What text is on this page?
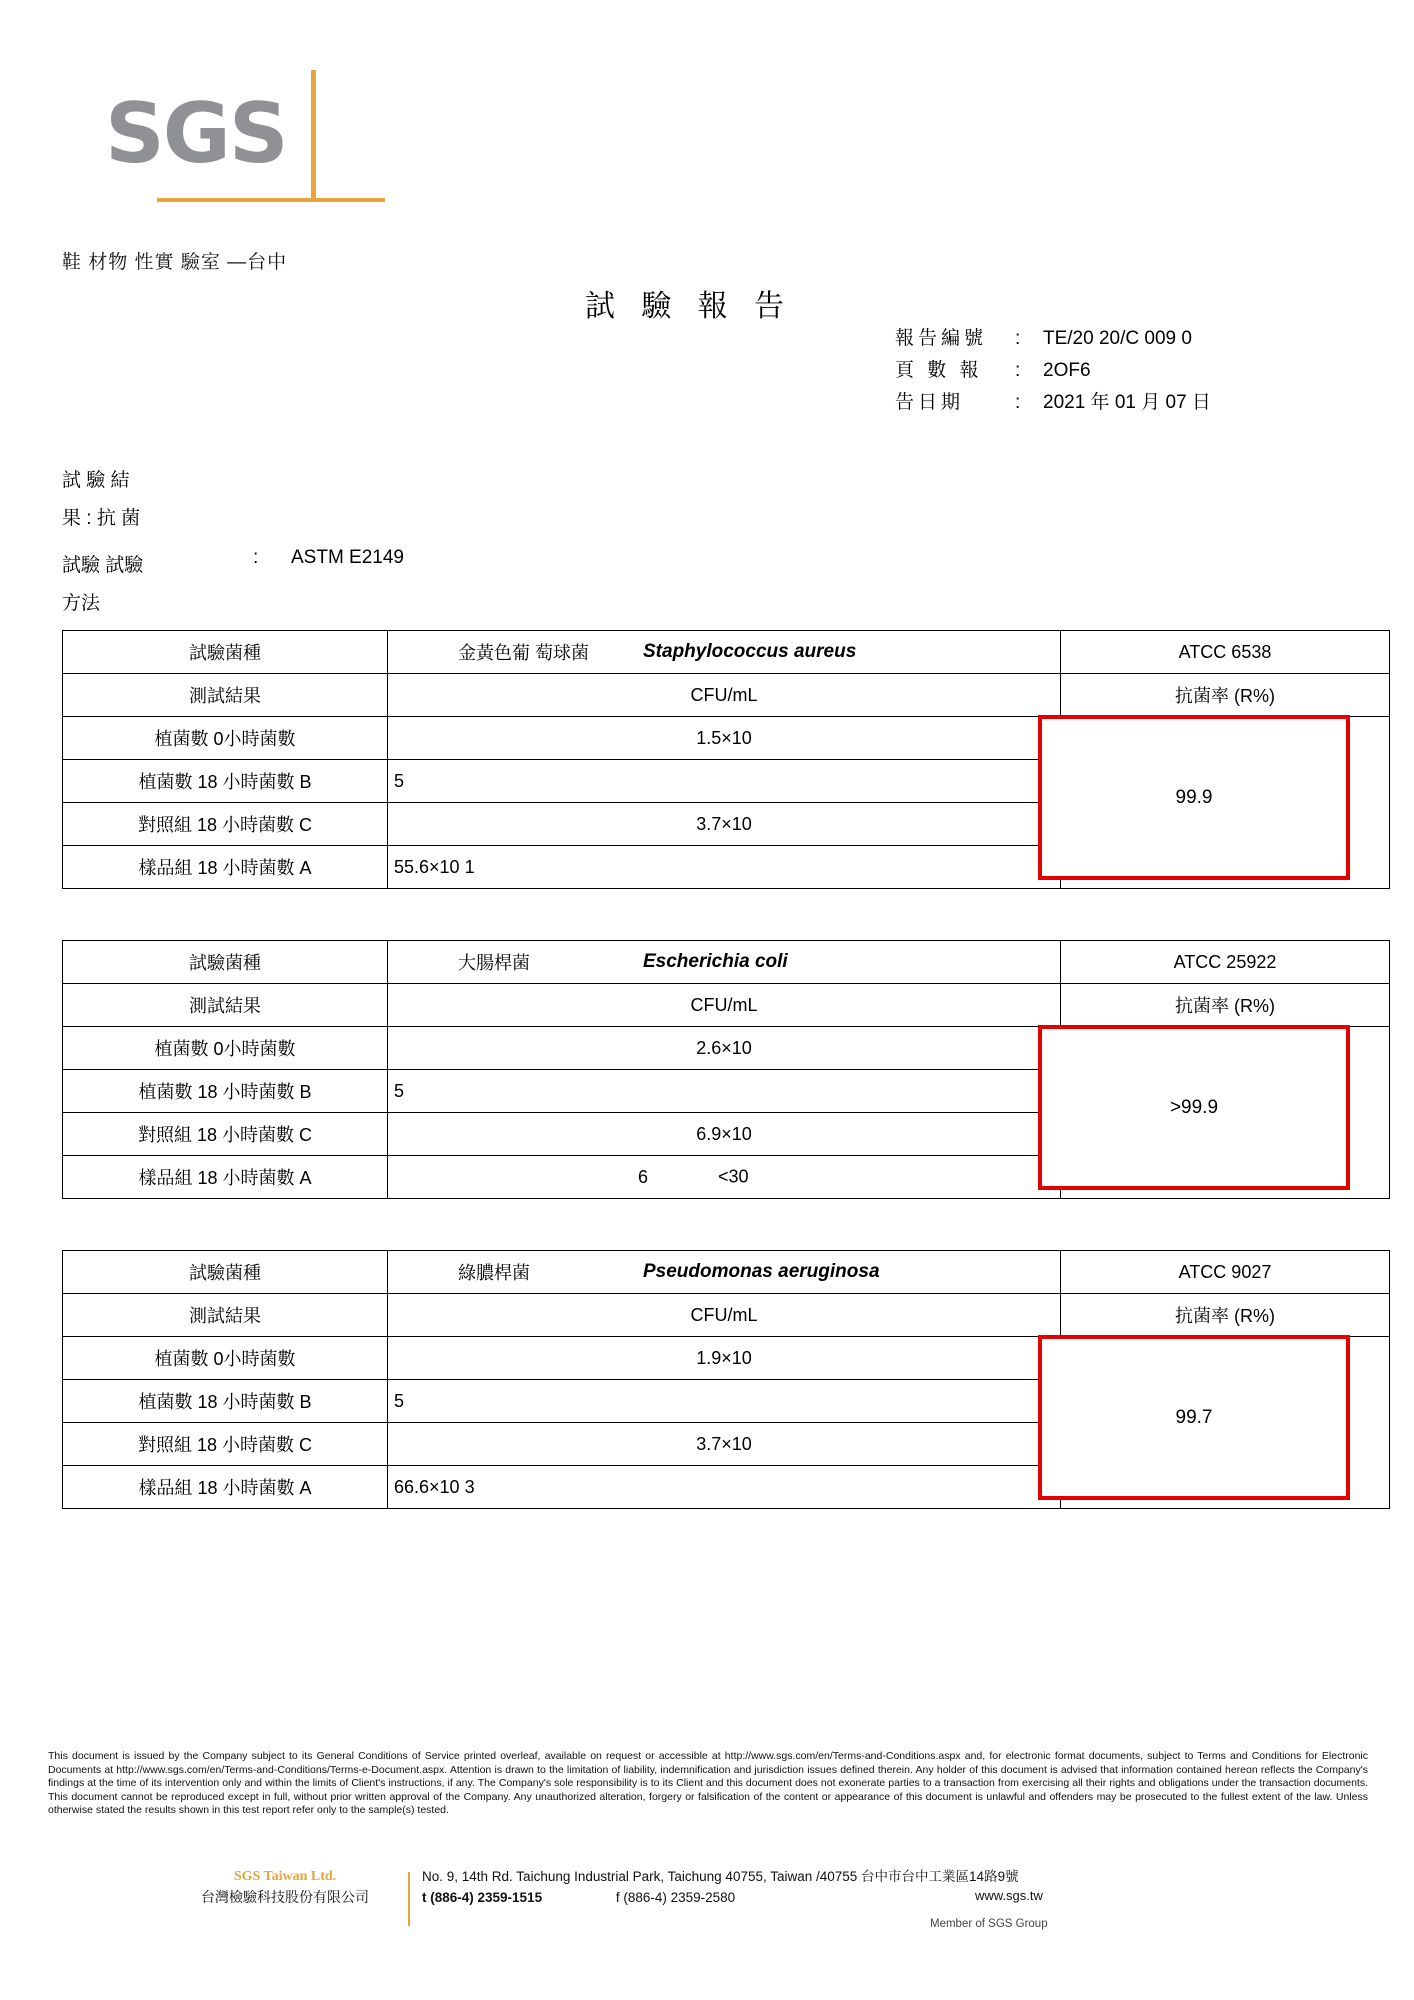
SGS
鞋 材物 性實 驗室 —台中
試 驗 報 告
報告編號	:	TE/20 20/C 009 0
頁 數 報	:	2OF6
告日期	:	2021 年 01 月 07 日
試 驗 結
果 : 抗 菌
試驗 試驗
方法
: ASTM E2149
試驗菌種	金黃色葡 萄球菌 Staphylococcus aureus	ATCC 6538
測試結果	CFU/mL	抗菌率 (R%)
植菌數 0小時菌數	1.5×10	
植菌數 18 小時菌數 B	5	
對照組 18 小時菌數 C	3.7×10	
樣品組 18 小時菌數 A	55.6×10 1	
99.9
試驗菌種	大腸桿菌 Escherichia coli	ATCC 25922
測試結果	CFU/mL	抗菌率 (R%)
植菌數 0小時菌數	2.6×10	
植菌數 18 小時菌數 B	5	
對照組 18 小時菌數 C	6.9×10	
樣品組 18 小時菌數 A	6 <30	
>99.9
試驗菌種	綠膿桿菌 Pseudomonas aeruginosa	ATCC 9027
測試結果	CFU/mL	抗菌率 (R%)
植菌數 0小時菌數	1.9×10	
植菌數 18 小時菌數 B	5	
對照組 18 小時菌數 C	3.7×10	
樣品組 18 小時菌數 A	66.6×10 3	
99.7
This document is issued by the Company subject to its General Conditions of Service printed overleaf, available on request or accessible at http://www.sgs.com/en/Terms-and-Conditions.aspx and, for electronic format documents, subject to Terms and Conditions for Electronic Documents at http://www.sgs.com/en/Terms-and-Conditions/Terms-e-Document.aspx. Attention is drawn to the limitation of liability, indemnification and jurisdiction issues defined therein. Any holder of this document is advised that information contained hereon reflects the Company's findings at the time of its intervention only and within the limits of Client's instructions, if any. The Company's sole responsibility is to its Client and this document does not exonerate parties to a transaction from exercising all their rights and obligations under the transaction documents. This document cannot be reproduced except in full, without prior written approval of the Company. Any unauthorized alteration, forgery or falsification of the content or appearance of this document is unlawful and offenders may be prosecuted to the fullest extent of the law. Unless otherwise stated the results shown in this test report refer only to the sample(s) tested.
SGS Taiwan Ltd.
台灣檢驗科技股份有限公司
No. 9, 14th Rd. Taichung Industrial Park, Taichung 40755, Taiwan /40755 台中市台中工業區14路9號
t (886-4) 2359-1515	f (886-4) 2359-2580	www.sgs.tw
Member of SGS Group
